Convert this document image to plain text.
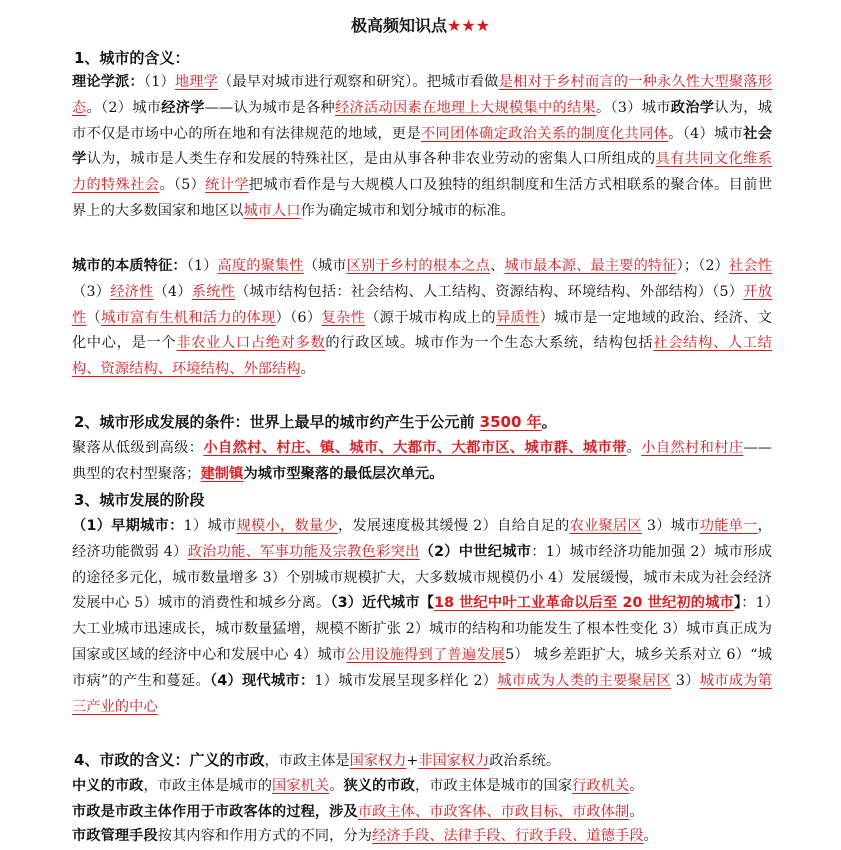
极高频知识点★★★
1、城市的含义：
理论学派：（1）地理学（最早对城市进行观察和研究）。把城市看做是相对于乡村而言的一种永久性大型聚落形态。（2）城市经济学——认为城市是各种经济活动因素在地理上大规模集中的结果。（3）城市政治学认为，城市不仅是市场中心的所在地和有法律规范的地域，更是不同团体确定政治关系的制度化共同体。（4）城市社会学认为，城市是人类生存和发展的特殊社区，是由从事各种非农业劳动的密集人口所组成的具有共同文化维系力的特殊社会。（5）统计学把城市看作是与大规模人口及独特的组织制度和生活方式相联系的聚合体。目前世界上的大多数国家和地区以城市人口作为确定城市和划分城市的标准。
城市的本质特征：（1）高度的聚集性（城市区别于乡村的根本之点、城市最本源、最主要的特征）；（2）社会性（3）经济性（4）系统性（城市结构包括：社会结构、人工结构、资源结构、环境结构、外部结构）（5）开放性（城市富有生机和活力的体现）（6）复杂性（源于城市构成上的异质性）城市是一定地域的政治、经济、文化中心，是一个非农业人口占绝对多数的行政区域。城市作为一个生态大系统，结构包括社会结构、人工结构、资源结构、环境结构、外部结构。
2、城市形成发展的条件：世界上最早的城市约产生于公元前 3500 年。
聚落从低级到高级：小自然村、村庄、镇、城市、大都市、大都市区、城市群、城市带。小自然村和村庄——典型的农村型聚落；建制镇为城市型聚落的最低层次单元。
3、城市发展的阶段
（1）早期城市：1）城市规模小，数量少，发展速度极其缓慢 2）自给自足的农业聚居区 3）城市功能单一，经济功能微弱 4）政治功能、军事功能及宗教色彩突出（2）中世纪城市：1）城市经济功能加强 2）城市形成的途径多元化，城市数量增多 3）个别城市规模扩大，大多数城市规模仍小 4）发展缓慢，城市未成为社会经济发展中心 5）城市的消费性和城乡分离。（3）近代城市【18 世纪中叶工业革命以后至 20 世纪初的城市】：1）大工业城市迅速成长，城市数量猛增，规模不断扩张 2）城市的结构和功能发生了根本性变化 3）城市真正成为国家或区域的经济中心和发展中心 4）城市公用设施得到了普遍发展5） 城乡差距扩大，城乡关系对立 6）“城市病”的产生和蔓延。（4）现代城市：1）城市发展呈现多样化 2）城市成为人类的主要聚居区 3）城市成为第三产业的中心
4、市政的含义：广义的市政，市政主体是国家权力+非国家权力政治系统。
中义的市政，市政主体是城市的国家机关。狭义的市政，市政主体是城市的国家行政机关。
市政是市政主体作用于市政客体的过程，涉及市政主体、市政客体、市政目标、市政体制。
市政管理手段按其内容和作用方式的不同，分为经济手段、法律手段、行政手段、道德手段。
